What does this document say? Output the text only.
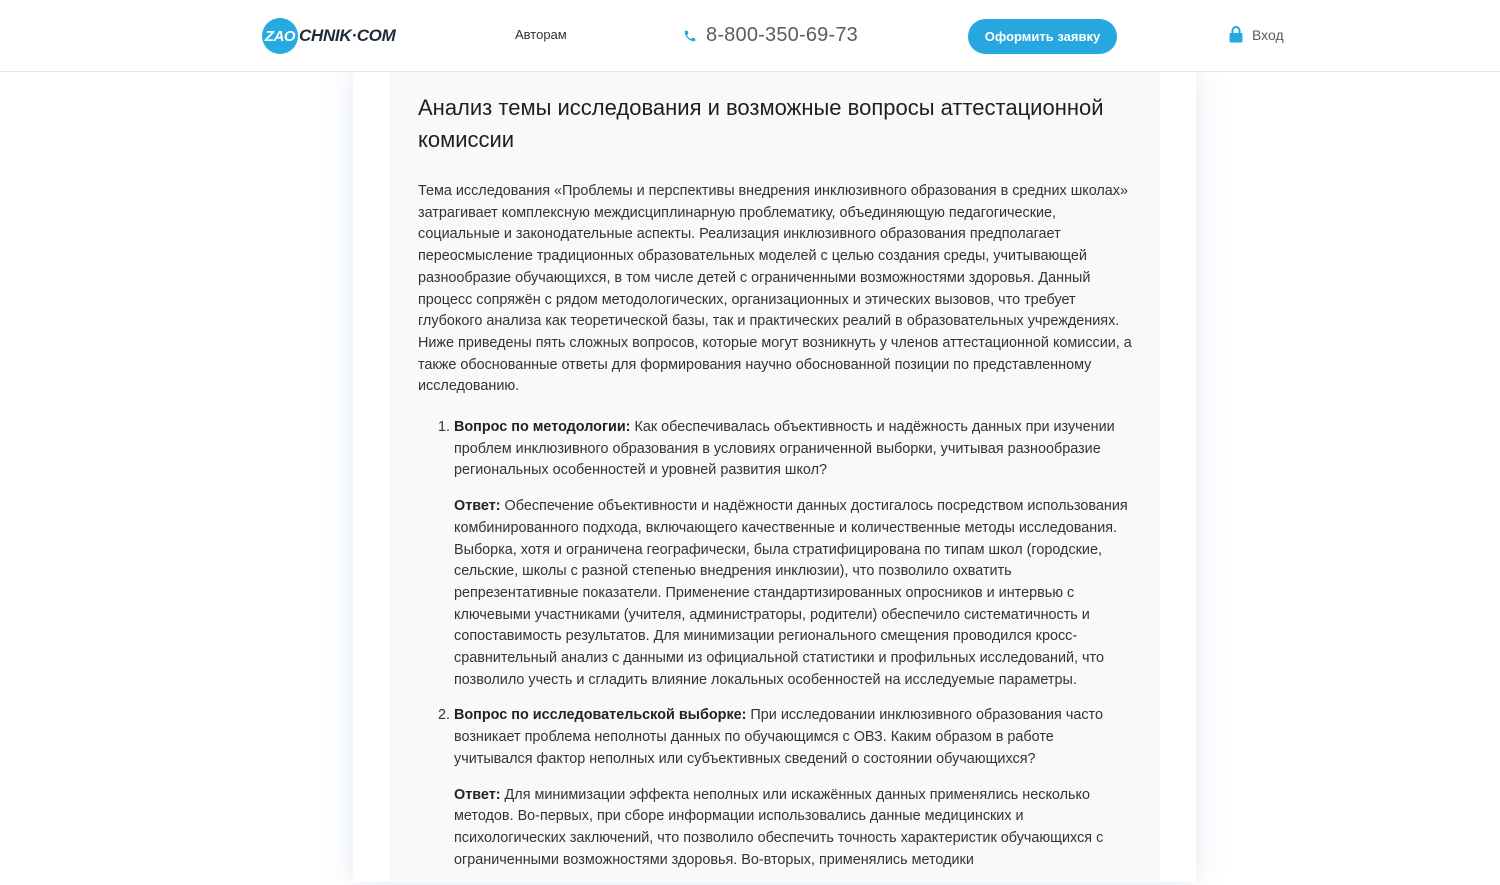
ZAO CHNIK·COM	Авторам	8-800-350-69-73	Оформить заявку	Вход
Анализ темы исследования и возможные вопросы аттестационной комиссии

Тема исследования «Проблемы и перспективы внедрения инклюзивного образования в средних школах» затрагивает комплексную междисциплинарную проблематику, объединяющую педагогические, социальные и законодательные аспекты. Реализация инклюзивного образования предполагает переосмысление традиционных образовательных моделей с целью создания среды, учитывающей разнообразие обучающихся, в том числе детей с ограниченными возможностями здоровья. Данный процесс сопряжён с рядом методологических, организационных и этических вызовов, что требует глубокого анализа как теоретической базы, так и практических реалий в образовательных учреждениях. Ниже приведены пять сложных вопросов, которые могут возникнуть у членов аттестационной комиссии, а также обоснованные ответы для формирования научно обоснованной позиции по представленному исследованию.

1. Вопрос по методологии: Как обеспечивалась объективность и надёжность данных при изучении проблем инклюзивного образования в условиях ограниченной выборки, учитывая разнообразие региональных особенностей и уровней развития школ?

Ответ: Обеспечение объективности и надёжности данных достигалось посредством использования комбинированного подхода, включающего качественные и количественные методы исследования. Выборка, хотя и ограничена географически, была стратифицирована по типам школ (городские, сельские, школы с разной степенью внедрения инклюзии), что позволило охватить репрезентативные показатели. Применение стандартизированных опросников и интервью с ключевыми участниками (учителя, администраторы, родители) обеспечило систематичность и сопоставимость результатов. Для минимизации регионального смещения проводился кросс-сравнительный анализ с данными из официальной статистики и профильных исследований, что позволило учесть и сгладить влияние локальных особенностей на исследуемые параметры.

2. Вопрос по исследовательской выборке: При исследовании инклюзивного образования часто возникает проблема неполноты данных по обучающимся с ОВЗ. Каким образом в работе учитывался фактор неполных или субъективных сведений о состоянии обучающихся?

Ответ: Для минимизации эффекта неполных или искажённых данных применялись несколько методов. Во-первых, при сборе информации использовались данные медицинских и психологических заключений, что позволило обеспечить точность характеристик обучающихся с ограниченными возможностями здоровья. Во-вторых, применялись методики
